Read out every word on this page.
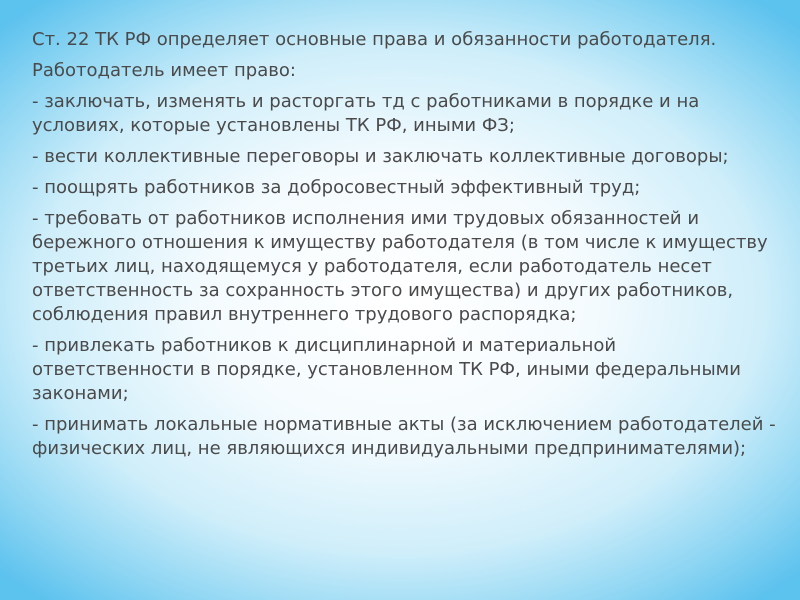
Ст. 22 ТК РФ определяет основные права и обязанности работодателя.

Работодатель имеет право:

- заключать, изменять и расторгать тд с работниками в порядке и на условиях, которые установлены ТК РФ, иными ФЗ;

- вести коллективные переговоры и заключать коллективные договоры;

- поощрять работников за добросовестный эффективный труд;

- требовать от работников исполнения ими трудовых обязанностей и бережного отношения к имуществу работодателя (в том числе к имуществу третьих лиц, находящемуся у работодателя, если работодатель несет ответственность за сохранность этого имущества) и других работников, соблюдения правил внутреннего трудового распорядка;

- привлекать работников к дисциплинарной и материальной ответственности в порядке, установленном ТК РФ, иными федеральными законами;

- принимать локальные нормативные акты (за исключением работодателей - физических лиц, не являющихся индивидуальными предпринимателями);
